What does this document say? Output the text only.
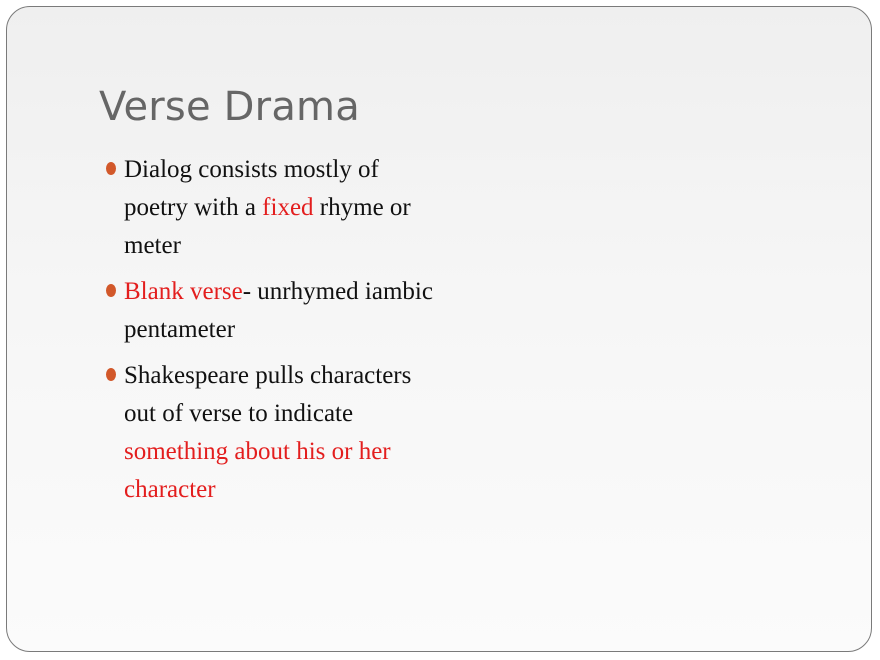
Verse Drama
Dialog consists mostly of poetry with a fixed rhyme or meter
Blank verse- unrhymed iambic pentameter
Shakespeare pulls characters out of verse to indicate something about his or her character
